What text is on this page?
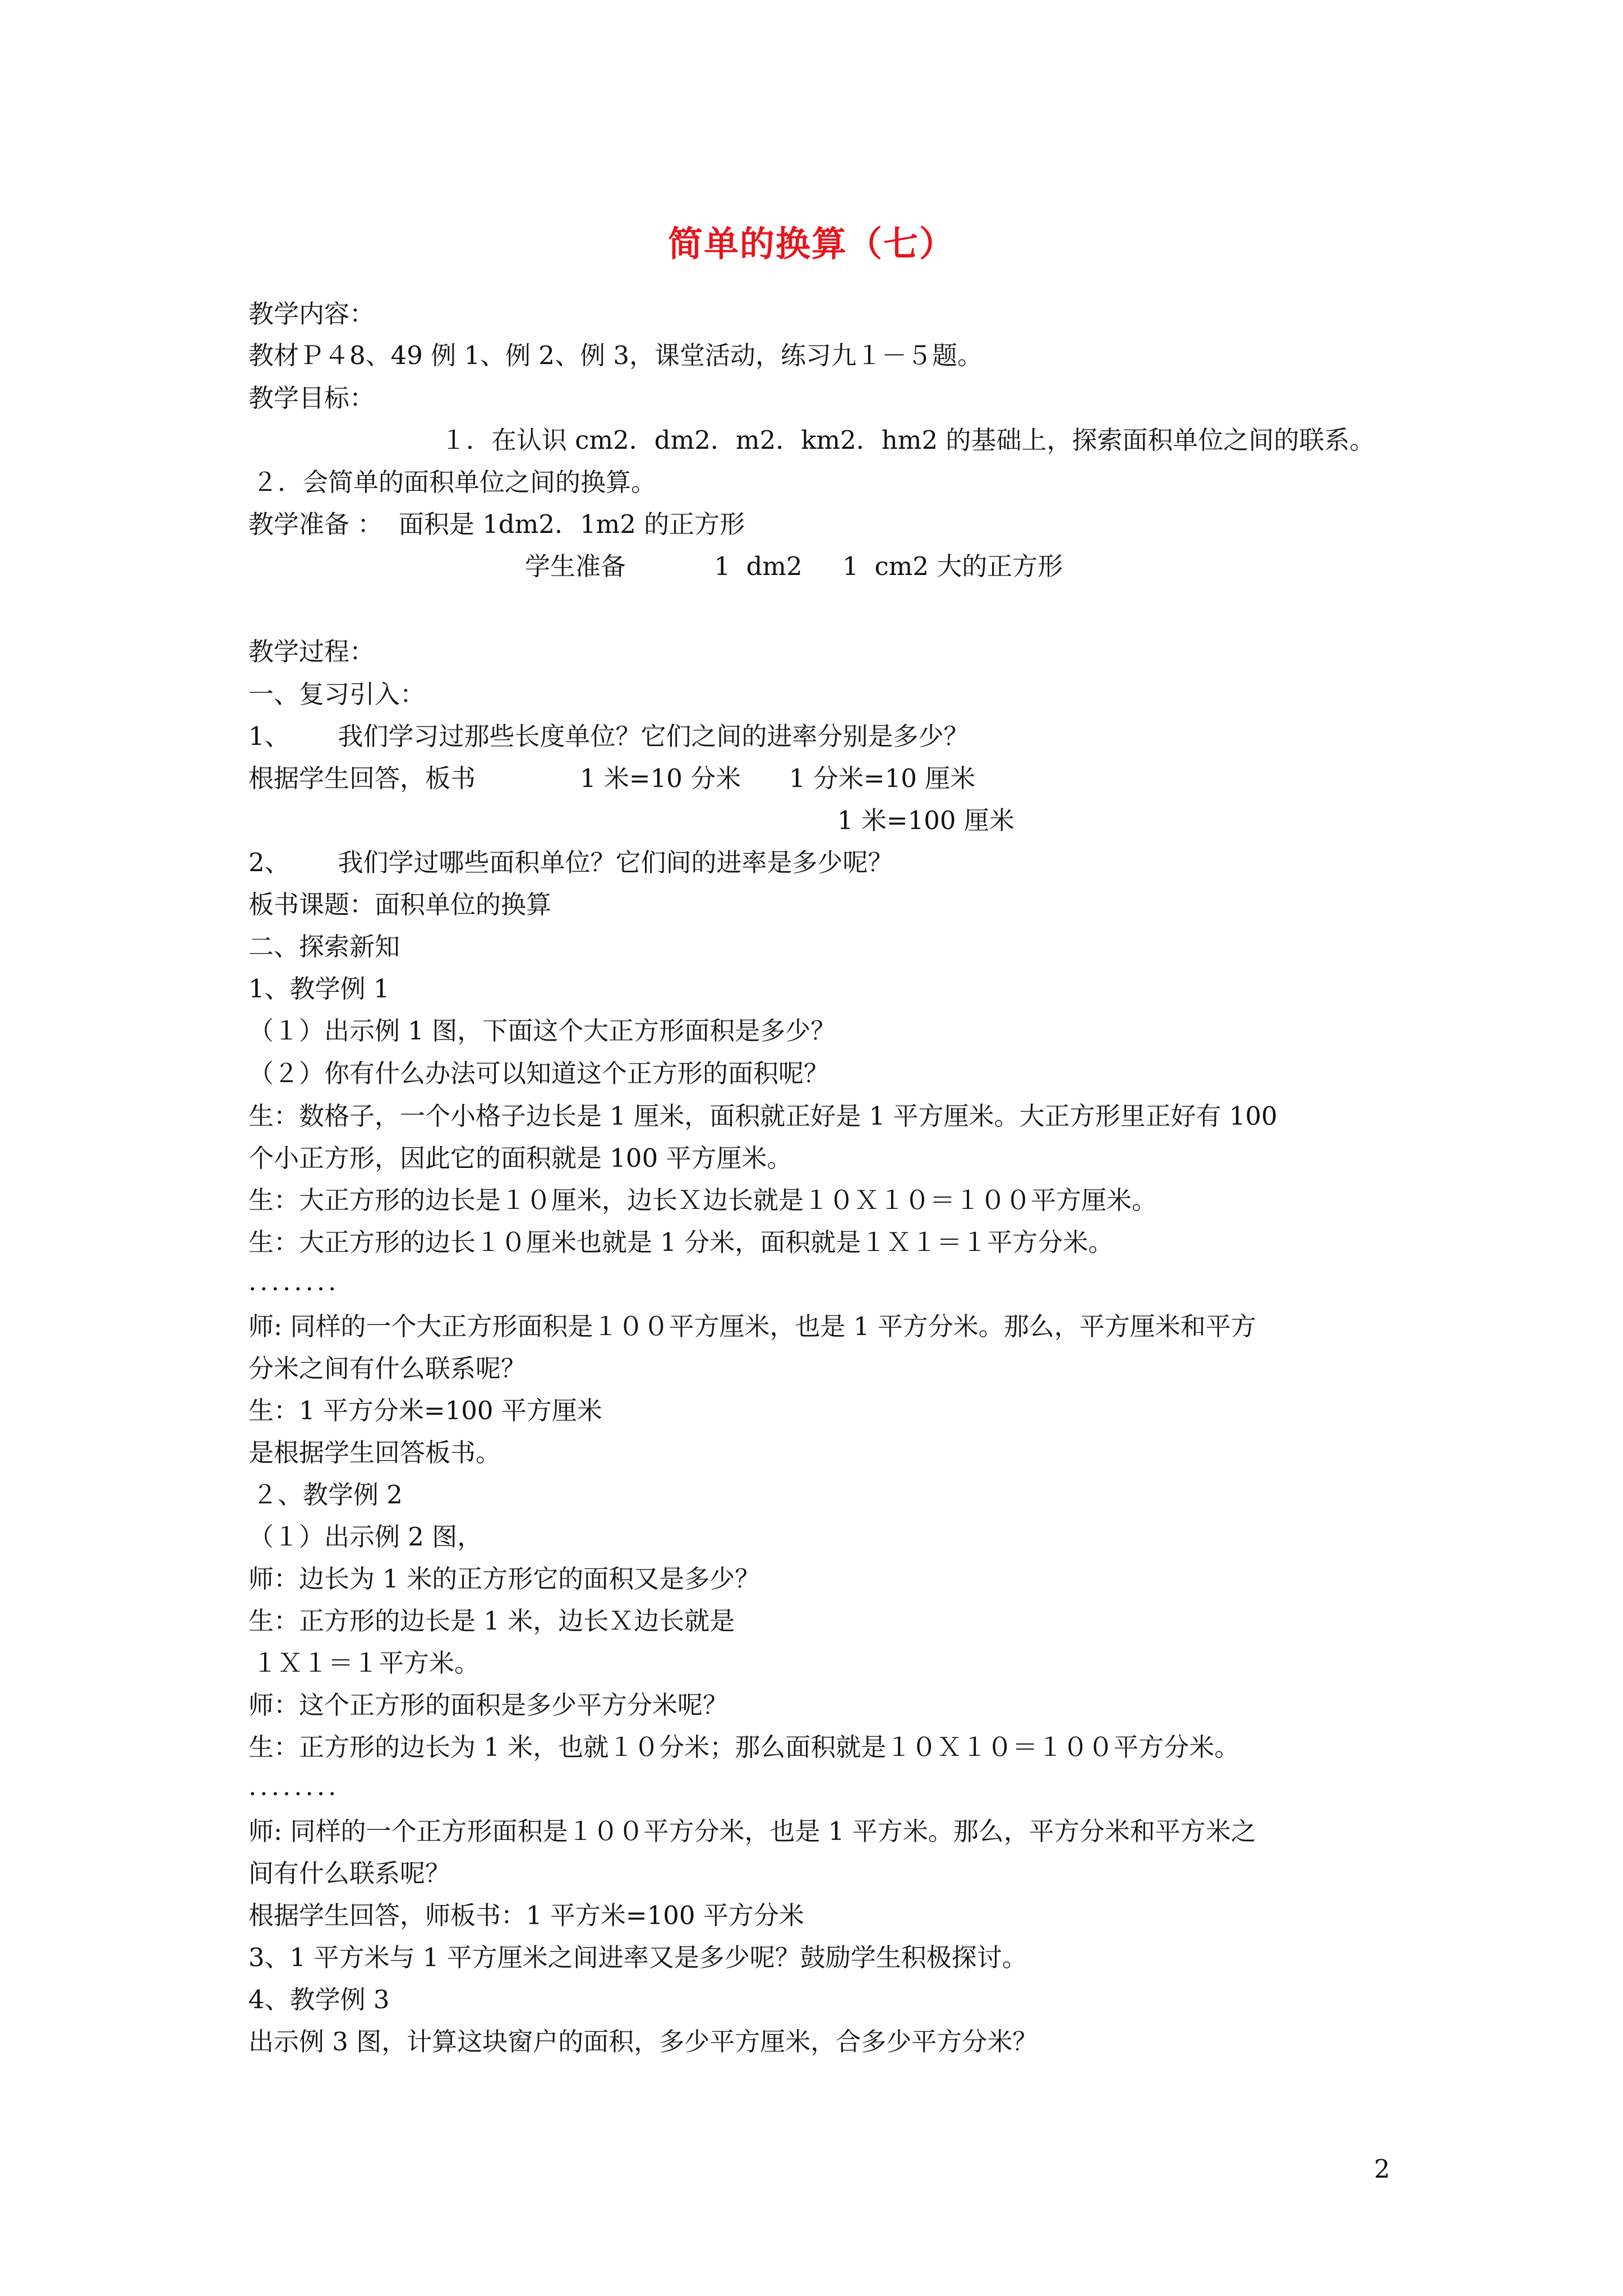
简单的换算（七）
教学内容：
教材Ｐ４8、49 例 1、例 2、例 3，课堂活动，练习九１－５题。
教学目标：
１．在认识 cm2．dm2．m2．km2．hm2 的基础上，探索面积单位之间的联系。
２．会简单的面积单位之间的换算。
教学准备 ：  面积是 1dm2．1m2 的正方形
学生准备           1  dm2     1  cm2 大的正方形
教学过程：
一、复习引入：
1、      我们学习过那些长度单位？它们之间的进率分别是多少？
根据学生回答，板书             1 米=10 分米      1 分米=10 厘米
1 米=100 厘米
2、      我们学过哪些面积单位？它们间的进率是多少呢？
板书课题：面积单位的换算
二、探索新知
1、教学例 1
（１）出示例 1 图，下面这个大正方形面积是多少？
（２）你有什么办法可以知道这个正方形的面积呢？
生：数格子，一个小格子边长是 1 厘米，面积就正好是 1 平方厘米。大正方形里正好有 100
个小正方形，因此它的面积就是 100 平方厘米。
生：大正方形的边长是１０厘米，边长Ｘ边长就是１０Ｘ１０＝１００平方厘米。
生：大正方形的边长１０厘米也就是 1 分米，面积就是１Ｘ１＝１平方分米。
........
师: 同样的一个大正方形面积是１００平方厘米，也是 1 平方分米。那么，平方厘米和平方
分米之间有什么联系呢？
生：1 平方分米=100 平方厘米
是根据学生回答板书。
２、教学例 2
（１）出示例 2 图，
师：边长为 1 米的正方形它的面积又是多少？
生：正方形的边长是 1 米，边长Ｘ边长就是
１Ｘ１＝１平方米。
师：这个正方形的面积是多少平方分米呢？
生：正方形的边长为 1 米，也就１０分米；那么面积就是１０Ｘ１０＝１００平方分米。
........
师: 同样的一个正方形面积是１００平方分米，也是 1 平方米。那么，平方分米和平方米之
间有什么联系呢？
根据学生回答，师板书：1 平方米=100 平方分米
3、1 平方米与 1 平方厘米之间进率又是多少呢？鼓励学生积极探讨。
4、教学例 3
出示例 3 图，计算这块窗户的面积，多少平方厘米，合多少平方分米？
2
